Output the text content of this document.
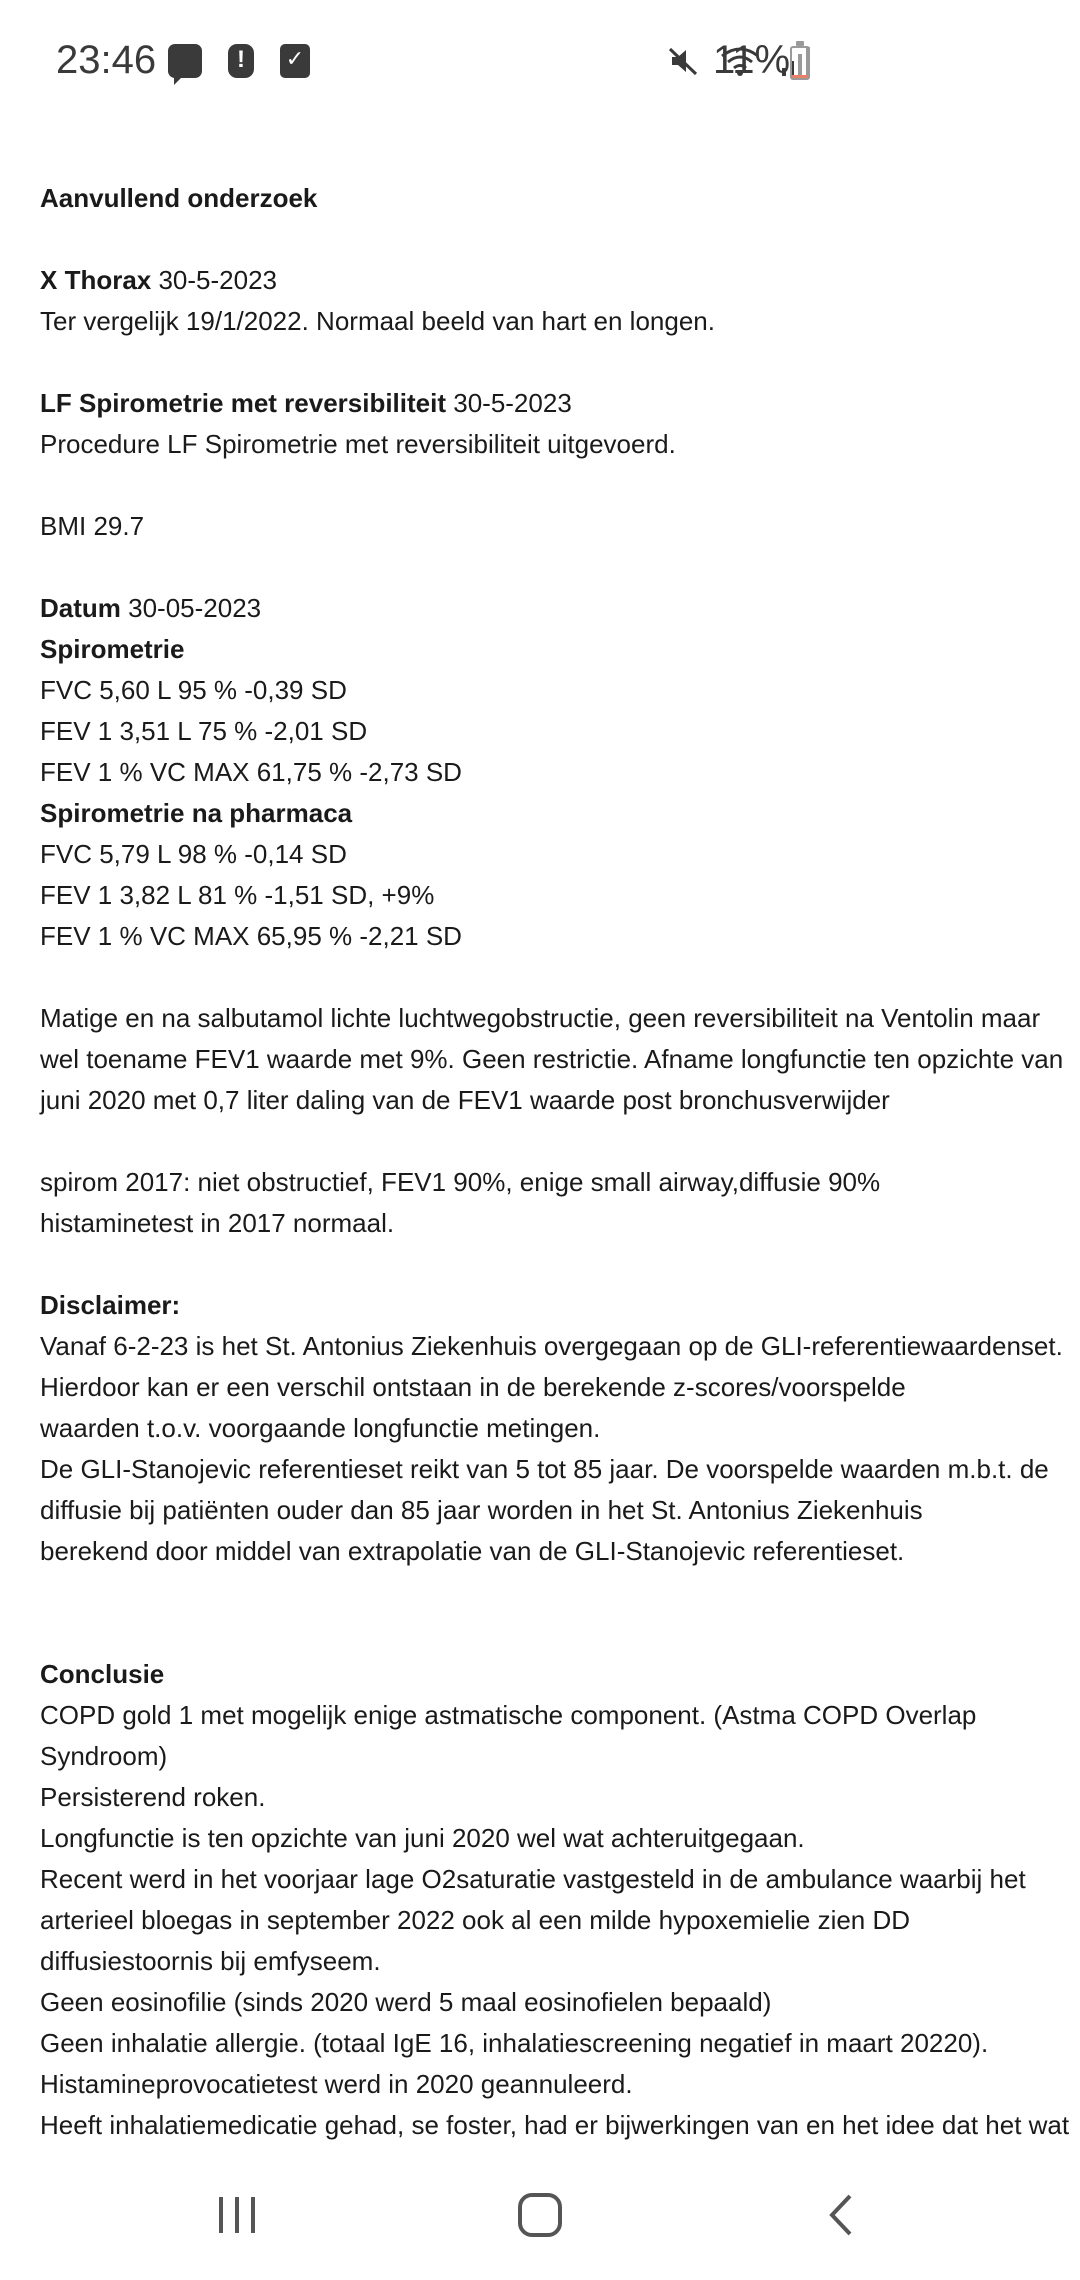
23:46 ! ✓	11%

Aanvullend onderzoek
X Thorax 30-5-2023
Ter vergelijk 19/1/2022. Normaal beeld van hart en longen.
LF Spirometrie met reversibiliteit 30-5-2023
Procedure LF Spirometrie met reversibiliteit uitgevoerd.
BMI 29.7
Datum 30-05-2023
Spirometrie
FVC 5,60 L 95 % -0,39 SD
FEV 1 3,51 L 75 % -2,01 SD
FEV 1 % VC MAX 61,75 % -2,73 SD
Spirometrie na pharmaca
FVC 5,79 L 98 % -0,14 SD
FEV 1 3,82 L 81 % -1,51 SD, +9%
FEV 1 % VC MAX 65,95 % -2,21 SD
Matige en na salbutamol lichte luchtwegobstructie, geen reversibiliteit na Ventolin maar
wel toename FEV1 waarde met 9%. Geen restrictie. Afname longfunctie ten opzichte van
juni 2020 met 0,7 liter daling van de FEV1 waarde post bronchusverwijder
spirom 2017: niet obstructief, FEV1 90%, enige small airway,diffusie 90%
histaminetest in 2017 normaal.
Disclaimer:
Vanaf 6-2-23 is het St. Antonius Ziekenhuis overgegaan op de GLI-referentiewaardenset.
Hierdoor kan er een verschil ontstaan in de berekende z-scores/voorspelde
waarden t.o.v. voorgaande longfunctie metingen.
De GLI-Stanojevic referentieset reikt van 5 tot 85 jaar. De voorspelde waarden m.b.t. de
diffusie bij patiënten ouder dan 85 jaar worden in het St. Antonius Ziekenhuis
berekend door middel van extrapolatie van de GLI-Stanojevic referentieset.
Conclusie
COPD gold 1 met mogelijk enige astmatische component. (Astma COPD Overlap
Syndroom)
Persisterend roken.
Longfunctie is ten opzichte van juni 2020 wel wat achteruitgegaan.
Recent werd in het voorjaar lage O2saturatie vastgesteld in de ambulance waarbij het
arterieel bloegas in september 2022 ook al een milde hypoxemielie zien DD
diffusiestoornis bij emfyseem.
Geen eosinofilie (sinds 2020 werd 5 maal eosinofielen bepaald)
Geen inhalatie allergie. (totaal IgE 16, inhalatiescreening negatief in maart 20220).
Histamineprovocatietest werd in 2020 geannuleerd.
Heeft inhalatiemedicatie gehad, se foster, had er bijwerkingen van en het idee dat het wat
